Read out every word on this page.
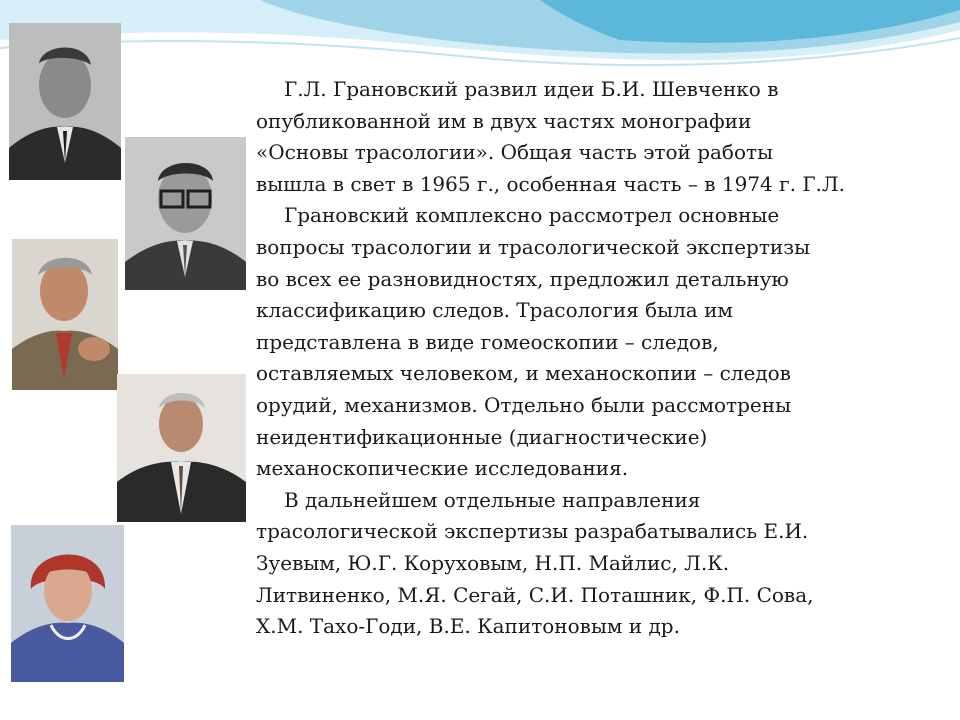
Г.Л. Грановский развил идеи Б.И. Шевченко в
опубликованной им в двух частях монографии
«Основы трасологии». Общая часть этой работы
вышла в свет в 1965 г., особенная часть – в 1974 г. Г.Л.
Грановский комплексно рассмотрел основные
вопросы трасологии и трасологической экспертизы
во всех ее разновидностях, предложил детальную
классификацию следов. Трасология была им
представлена в виде гомеоскопии – следов,
оставляемых человеком, и механоскопии – следов
орудий, механизмов. Отдельно были рассмотрены
неидентификационные (диагностические)
механоскопические исследования.
В дальнейшем отдельные направления
трасологической экспертизы разрабатывались Е.И.
Зуевым, Ю.Г. Коруховым, Н.П. Майлис, Л.К.
Литвиненко, М.Я. Сегай, С.И. Поташник, Ф.П. Сова,
Х.М. Тахо-Годи, В.Е. Капитоновым и др.
